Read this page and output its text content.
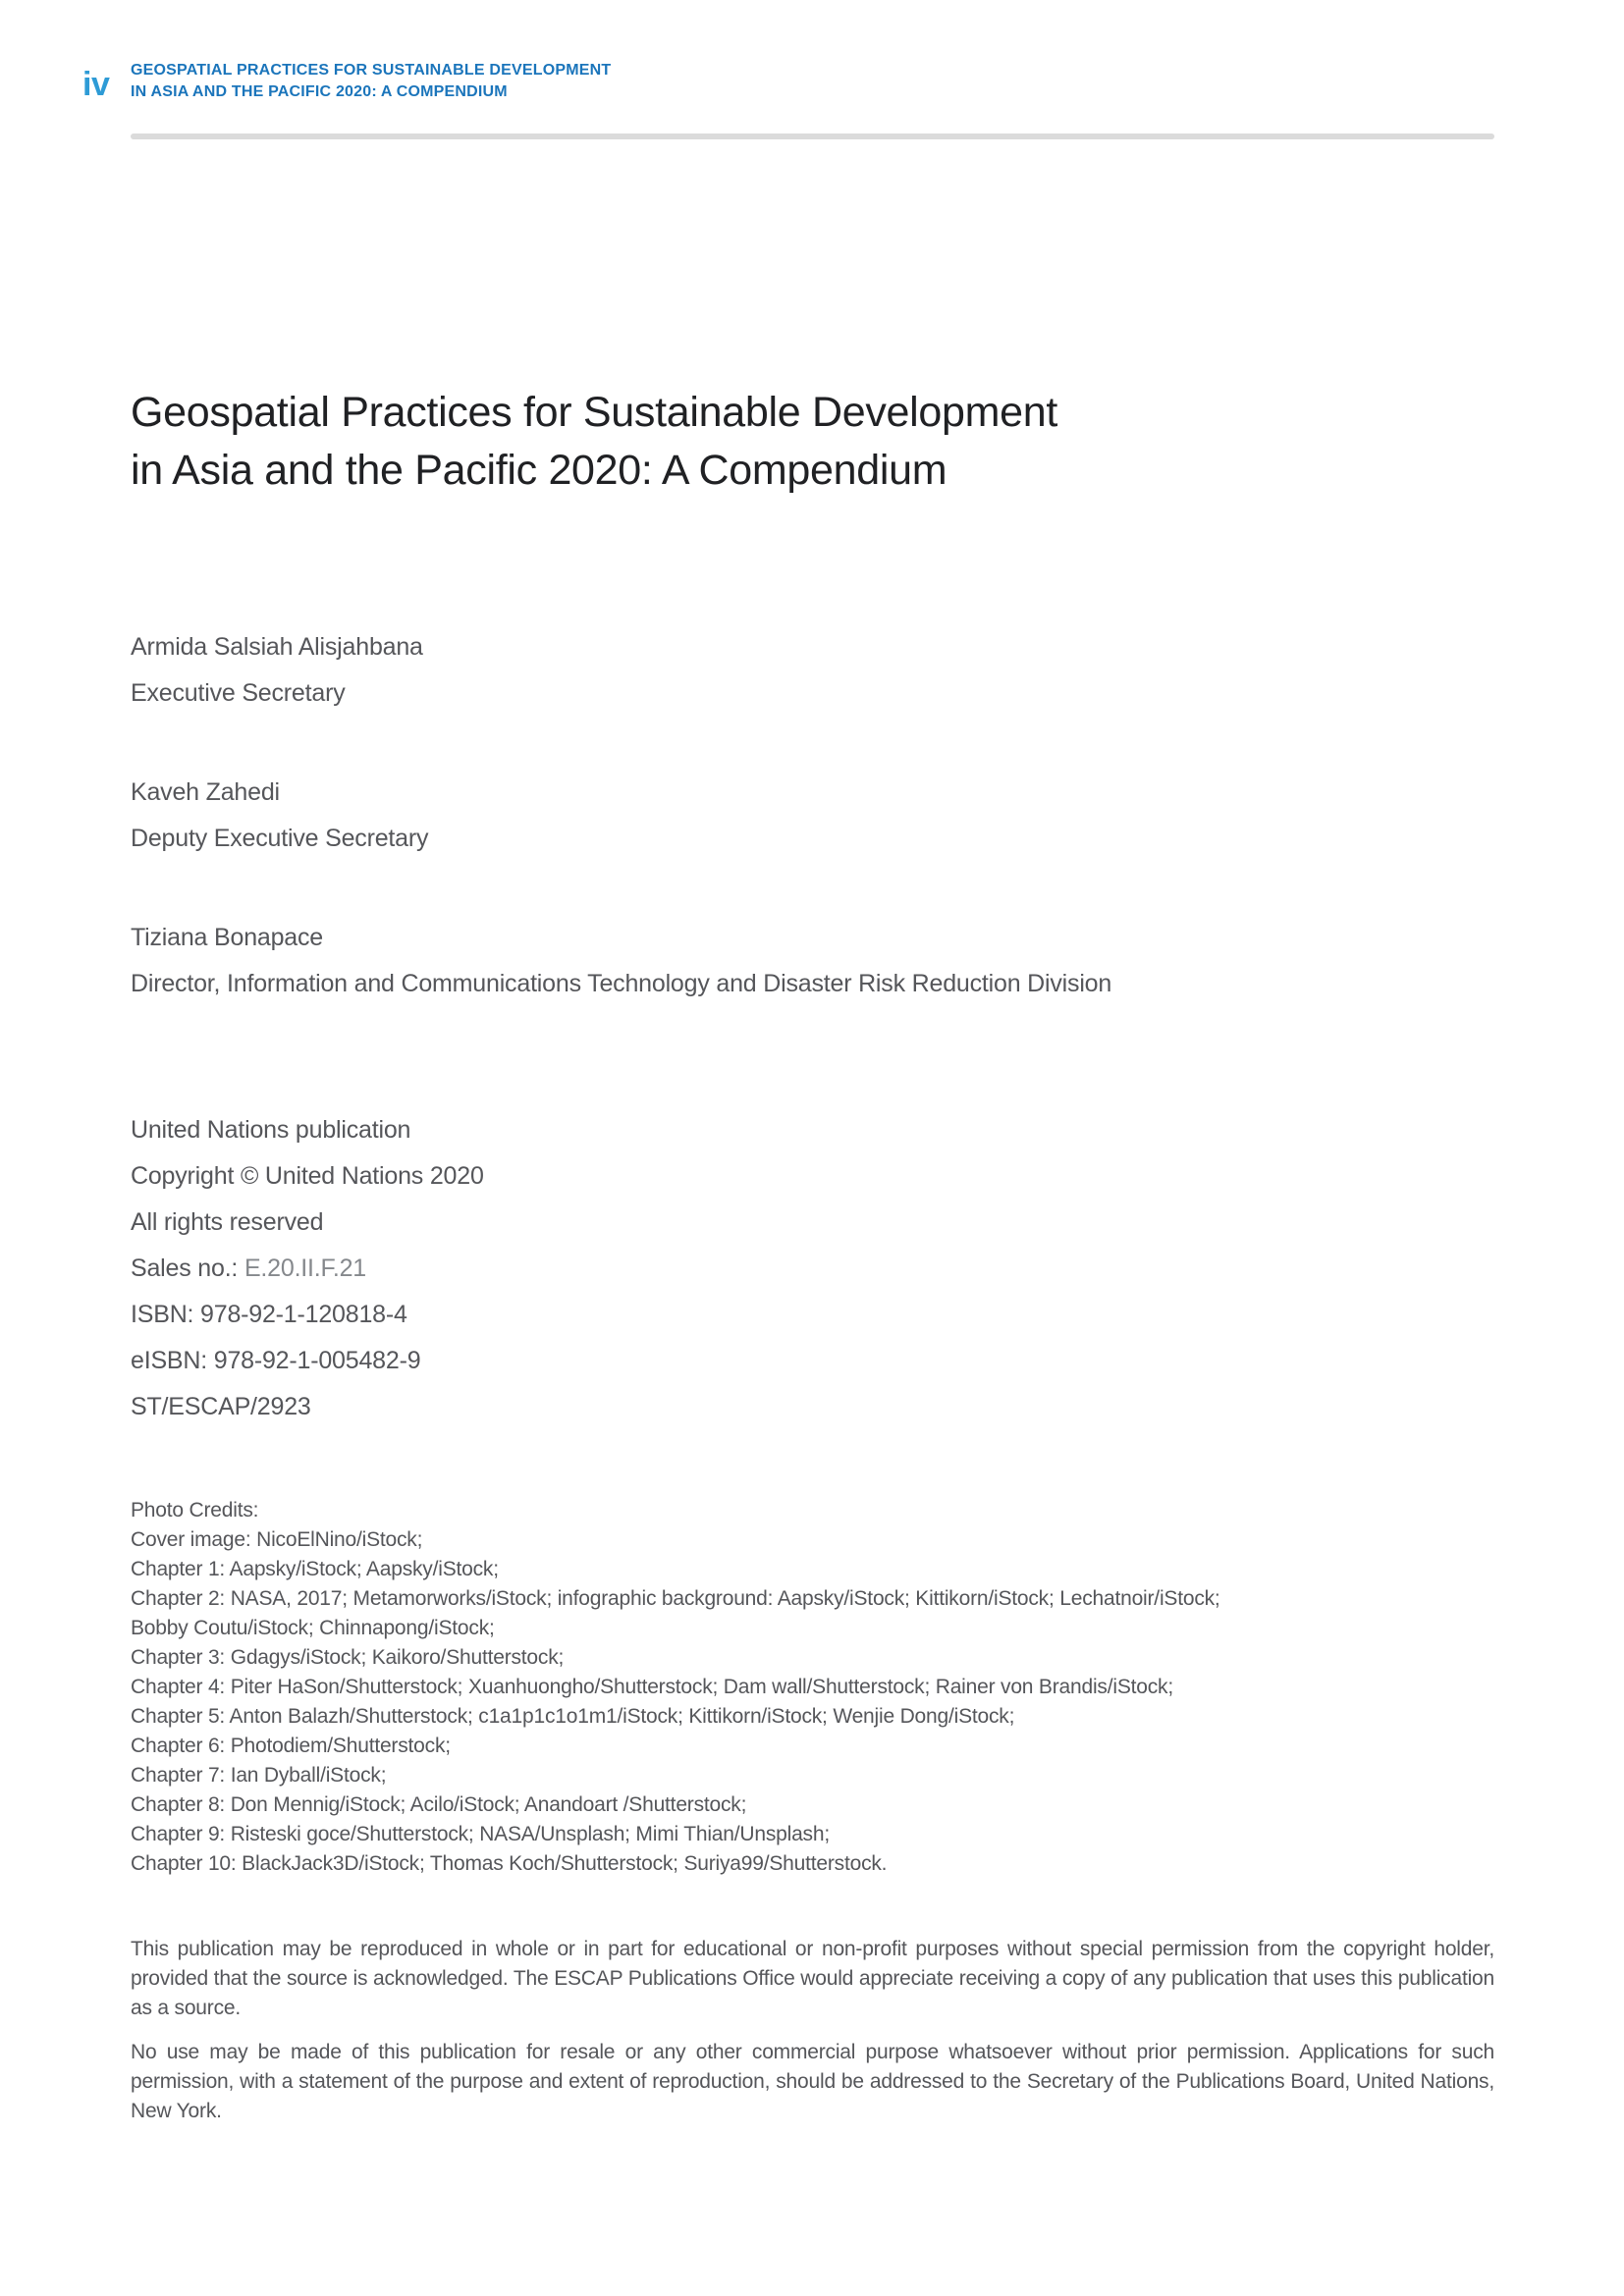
iv GEOSPATIAL PRACTICES FOR SUSTAINABLE DEVELOPMENT
IN ASIA AND THE PACIFIC 2020: A COMPENDIUM
Geospatial Practices for Sustainable Development
in Asia and the Pacific 2020: A Compendium

Armida Salsiah Alisjahbana

Executive Secretary

Kaveh Zahedi

Deputy Executive Secretary

Tiziana Bonapace

Director, Information and Communications Technology and Disaster Risk Reduction Division

United Nations publication

Copyright © United Nations 2020

All rights reserved

Sales no.: E.20.II.F.21

ISBN: 978-92-1-120818-4

eISBN: 978-92-1-005482-9

ST/ESCAP/2923

Photo Credits:

Cover image: NicoElNino/iStock;
Chapter 1: Aapsky/iStock; Aapsky/iStock;
Chapter 2: NASA, 2017; Metamorworks/iStock; infographic background: Aapsky/iStock; Kittikorn/iStock; Lechatnoir/iStock;
Bobby Coutu/iStock; Chinnapong/iStock;
Chapter 3: Gdagys/iStock; Kaikoro/Shutterstock;
Chapter 4: Piter HaSon/Shutterstock; Xuanhuongho/Shutterstock; Dam wall/Shutterstock; Rainer von Brandis/iStock;
Chapter 5: Anton Balazh/Shutterstock; c1a1p1c1o1m1/iStock; Kittikorn/iStock; Wenjie Dong/iStock;
Chapter 6: Photodiem/Shutterstock;
Chapter 7: Ian Dyball/iStock;
Chapter 8: Don Mennig/iStock; Acilo/iStock; Anandoart /Shutterstock;
Chapter 9: Risteski goce/Shutterstock; NASA/Unsplash; Mimi Thian/Unsplash;
Chapter 10: BlackJack3D/iStock; Thomas Koch/Shutterstock; Suriya99/Shutterstock.

This publication may be reproduced in whole or in part for educational or non-profit purposes without special permission from the copyright holder, provided that the source is acknowledged. The ESCAP Publications Office would appreciate receiving a copy of any publication that uses this publication as a source.

No use may be made of this publication for resale or any other commercial purpose whatsoever without prior permission. Applications for such permission, with a statement of the purpose and extent of reproduction, should be addressed to the Secretary of the Publications Board, United Nations, New York.
